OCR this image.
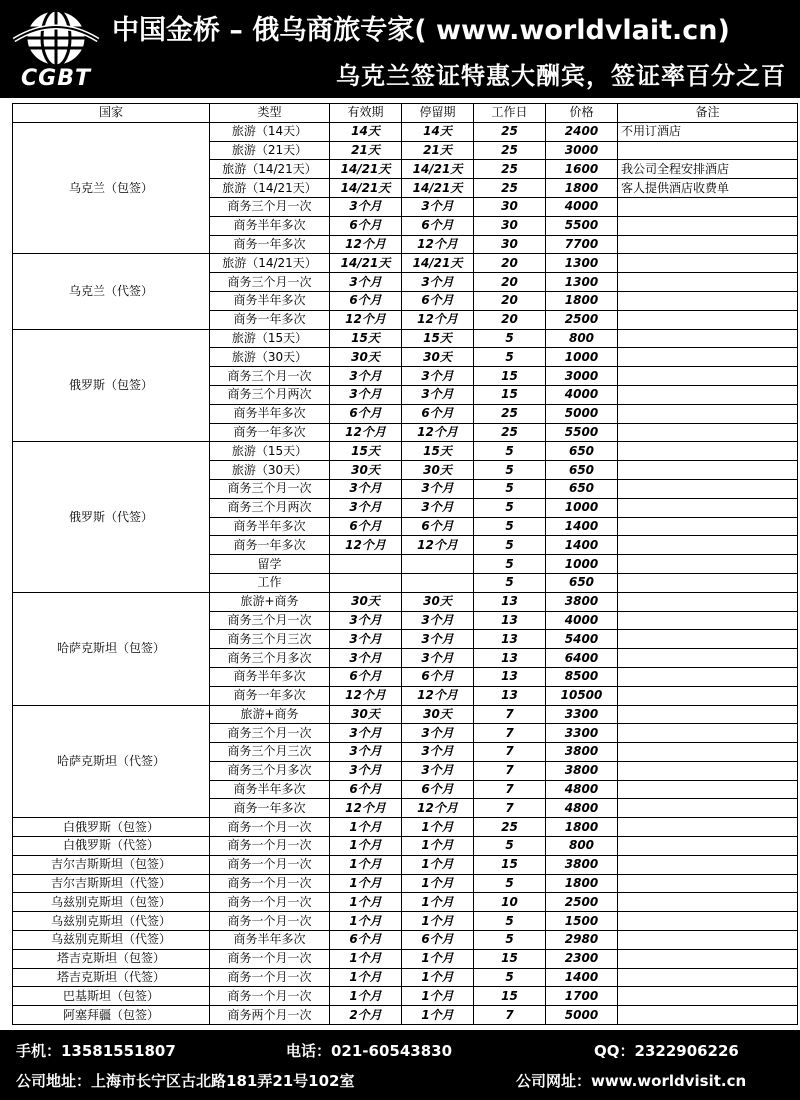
CGBT
中国金桥 – 俄乌商旅专家( www.worldvlait.cn)
乌克兰签证特惠大酬宾，签证率百分之百
国家	类型	有效期	停留期	工作日	价格	备注
乌克兰（包签）	旅游（14天）	14天	14天	25	2400	不用订酒店
	旅游（21天）	21天	21天	25	3000	
	旅游（14/21天）	14/21天	14/21天	25	1600	我公司全程安排酒店
	旅游（14/21天）	14/21天	14/21天	25	1800	客人提供酒店收费单
	商务三个月一次	3个月	3个月	30	4000	
	商务半年多次	6个月	6个月	30	5500	
	商务一年多次	12个月	12个月	30	7700	
乌克兰（代签）	旅游（14/21天）	14/21天	14/21天	20	1300	
	商务三个月一次	3个月	3个月	20	1300	
	商务半年多次	6个月	6个月	20	1800	
	商务一年多次	12个月	12个月	20	2500	
俄罗斯（包签）	旅游（15天）	15天	15天	5	800	
	旅游（30天）	30天	30天	5	1000	
	商务三个月一次	3个月	3个月	15	3000	
	商务三个月两次	3个月	3个月	15	4000	
	商务半年多次	6个月	6个月	25	5000	
	商务一年多次	12个月	12个月	25	5500	
俄罗斯（代签）	旅游（15天）	15天	15天	5	650	
	旅游（30天）	30天	30天	5	650	
	商务三个月一次	3个月	3个月	5	650	
	商务三个月两次	3个月	3个月	5	1000	
	商务半年多次	6个月	6个月	5	1400	
	商务一年多次	12个月	12个月	5	1400	
	留学			5	1000	
	工作			5	650	
哈萨克斯坦（包签）	旅游+商务	30天	30天	13	3800	
	商务三个月一次	3个月	3个月	13	4000	
	商务三个月三次	3个月	3个月	13	5400	
	商务三个月多次	3个月	3个月	13	6400	
	商务半年多次	6个月	6个月	13	8500	
	商务一年多次	12个月	12个月	13	10500	
哈萨克斯坦（代签）	旅游+商务	30天	30天	7	3300	
	商务三个月一次	3个月	3个月	7	3300	
	商务三个月三次	3个月	3个月	7	3800	
	商务三个月多次	3个月	3个月	7	3800	
	商务半年多次	6个月	6个月	7	4800	
	商务一年多次	12个月	12个月	7	4800	
白俄罗斯（包签）	商务一个月一次	1个月	1个月	25	1800	
白俄罗斯（代签）	商务一个月一次	1个月	1个月	5	800	
吉尔吉斯斯坦（包签）	商务一个月一次	1个月	1个月	15	3800	
吉尔吉斯斯坦（代签）	商务一个月一次	1个月	1个月	5	1800	
乌兹别克斯坦（包签）	商务一个月一次	1个月	1个月	10	2500	
乌兹别克斯坦（代签）	商务一个月一次	1个月	1个月	5	1500	
乌兹别克斯坦（代签）	商务半年多次	6个月	6个月	5	2980	
塔吉克斯坦（包签）	商务一个月一次	1个月	1个月	15	2300	
塔吉克斯坦（代签）	商务一个月一次	1个月	1个月	5	1400	
巴基斯坦（包签）	商务一个月一次	1个月	1个月	15	1700	
阿塞拜疆（包签）	商务两个月一次	2个月	1个月	7	5000	
手机：13581551807	电话：021-60543830	QQ：2322906226
公司地址：上海市长宁区古北路181弄21号102室	公司网址：www.worldvisit.cn
